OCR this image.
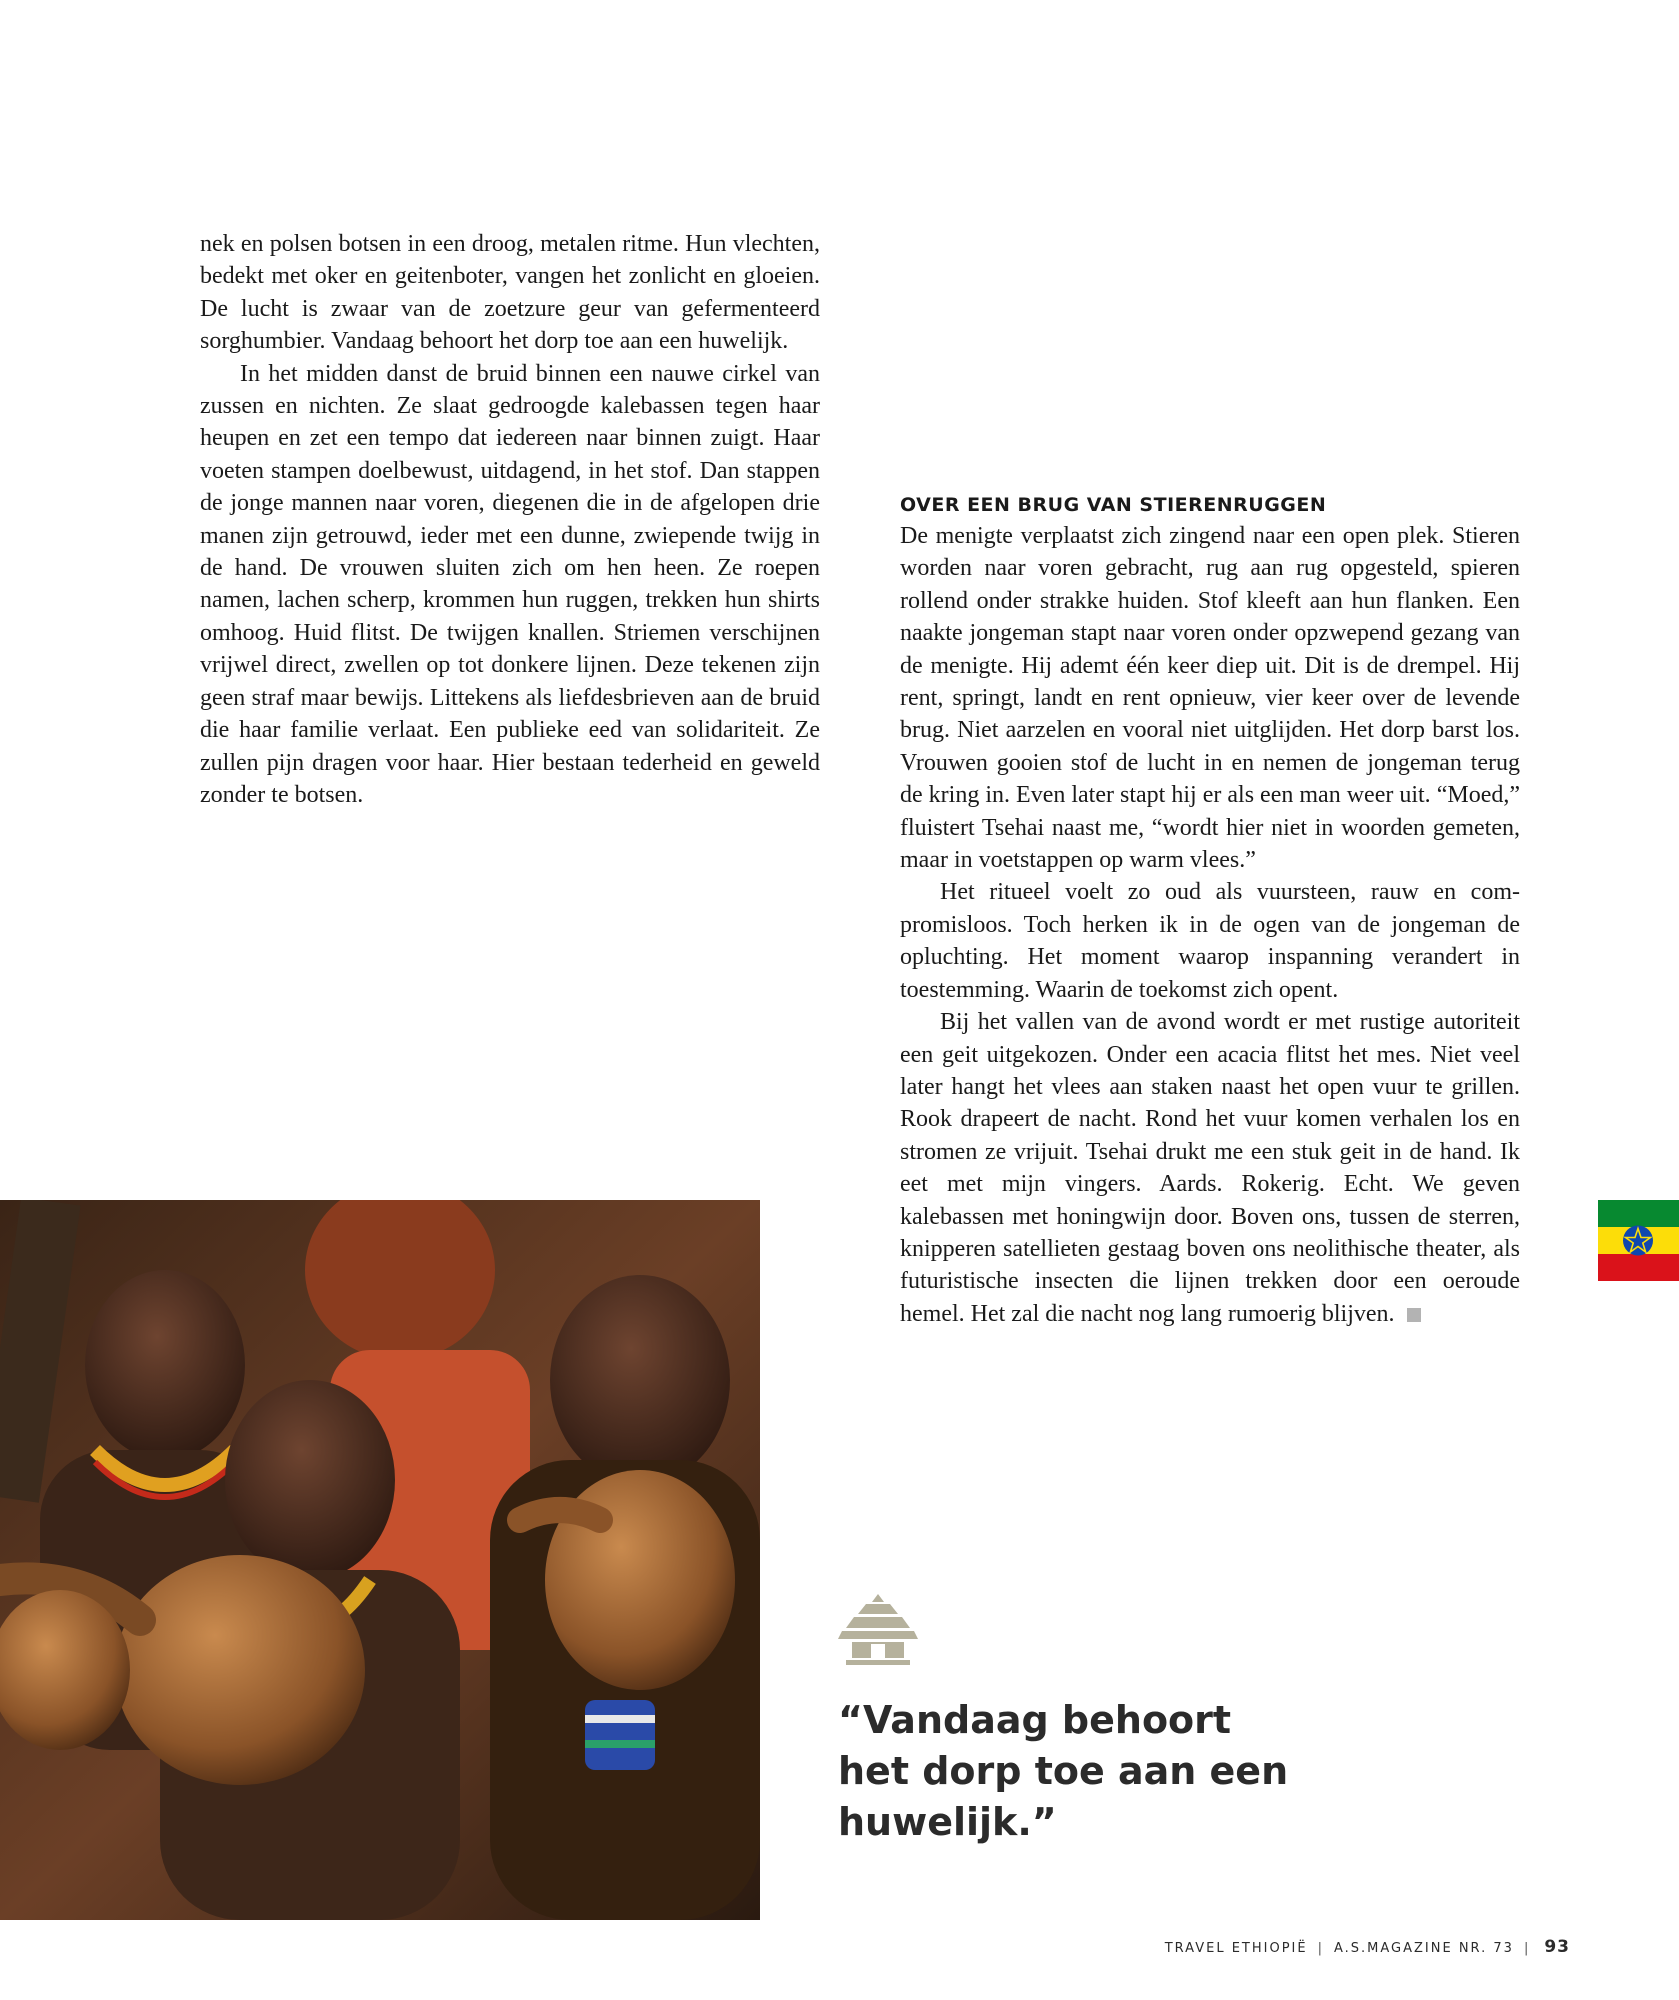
nek en polsen botsen in een droog, metalen ritme. Hun vlechten, bedekt met oker en geitenboter, vangen het zonlicht en gloeien. De lucht is zwaar van de zoetzure geur van gefermenteerd sorghumbier. Vandaag behoort het dorp toe aan een huwelijk.

In het midden danst de bruid binnen een nauwe cirkel van zussen en nichten. Ze slaat gedroogde kalebassen tegen haar heupen en zet een tempo dat iedereen naar binnen zuigt. Haar voeten stampen doelbewust, uitdagend, in het stof. Dan stappen de jonge mannen naar voren, diegenen die in de afgelopen drie manen zijn getrouwd, ieder met een dunne, zwiepende twijg in de hand. De vrouwen sluiten zich om hen heen. Ze roepen namen, lachen scherp, krommen hun ruggen, trekken hun shirts omhoog. Huid flitst. De twijgen knallen. Striemen verschijnen vrijwel direct, zwellen op tot donkere lijnen. Deze tekenen zijn geen straf maar bewijs. Littekens als liefdesbrieven aan de bruid die haar familie verlaat. Een publieke eed van solidariteit. Ze zullen pijn dragen voor haar. Hier bestaan tederheid en geweld zonder te botsen.

OVER EEN BRUG VAN STIERENRUGGEN

De menigte verplaatst zich zingend naar een open plek. Stieren worden naar voren gebracht, rug aan rug opgesteld, spieren rollend onder strakke huiden. Stof kleeft aan hun flanken. Een naakte jongeman stapt naar voren onder opzwepend gezang van de menigte. Hij ademt één keer diep uit. Dit is de drempel. Hij rent, springt, landt en rent opnieuw, vier keer over de levende brug. Niet aarzelen en vooral niet uitglijden. Het dorp barst los. Vrouwen gooien stof de lucht in en nemen de jongeman terug de kring in. Even later stapt hij er als een man weer uit. “Moed,” fluistert Tsehai naast me, “wordt hier niet in woorden gemeten, maar in voetstappen op warm vlees.”

Het ritueel voelt zo oud als vuursteen, rauw en compromisloos. Toch herken ik in de ogen van de jongeman de opluchting. Het moment waarop inspanning verandert in toestemming. Waarin de toekomst zich opent.

Bij het vallen van de avond wordt er met rustige autoriteit een geit uitgekozen. Onder een acacia flitst het mes. Niet veel later hangt het vlees aan staken naast het open vuur te grillen. Rook drapeert de nacht. Rond het vuur komen verhalen los en stromen ze vrijuit. Tsehai drukt me een stuk geit in de hand. Ik eet met mijn vingers. Aards. Rokerig. Echt. We geven kalebassen met honingwijn door. Boven ons, tussen de sterren, knipperen satellieten gestaag boven ons neolithische theater, als futuristische insecten die lijnen trekken door een oeroude hemel. Het zal die nacht nog lang rumoerig blijven.

“Vandaag behoort het dorp toe aan een huwelijk.”

TRAVEL ETHIOPIË | A.S.MAGAZINE NR. 73 | 93
